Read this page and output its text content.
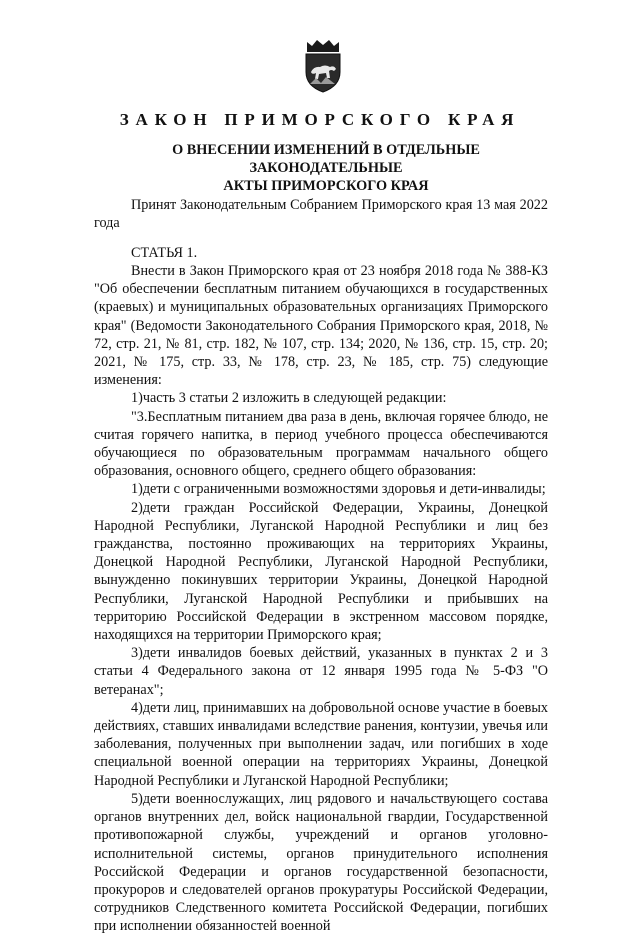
ЗАКОН ПРИМОРСКОГО КРАЯ
О ВНЕСЕНИИ ИЗМЕНЕНИЙ В ОТДЕЛЬНЫЕ ЗАКОНОДАТЕЛЬНЫЕ
АКТЫ ПРИМОРСКОГО КРАЯ
Принят Законодательным Собранием Приморского края 13 мая 2022 года
СТАТЬЯ 1.

Внести в Закон Приморского края от 23 ноября 2018 года № 388-КЗ "Об обеспечении бесплатным питанием обучающихся в государственных (краевых) и муниципальных образовательных организациях Приморского края" (Ведомости Законодательного Собрания Приморского края, 2018, № 72, стр. 21, № 81, стр. 182, № 107, стр. 134; 2020, № 136, стр. 15, стр. 20; 2021, № 175, стр. 33, № 178, стр. 23, № 185, стр. 75) следующие изменения:

1)часть 3 статьи 2 изложить в следующей редакции:

"3.Бесплатным питанием два раза в день, включая горячее блюдо, не считая горячего напитка, в период учебного процесса обеспечиваются обучающиеся по образовательным программам начального общего образования, основного общего, среднего общего образования:

1)дети с ограниченными возможностями здоровья и дети-инвалиды;

2)дети граждан Российской Федерации, Украины, Донецкой Народной Республики, Луганской Народной Республики и лиц без гражданства, постоянно проживающих на территориях Украины, Донецкой Народной Республики, Луганской Народной Республики, вынужденно покинувших территории Украины, Донецкой Народной Республики, Луганской Народной Республики и прибывших на территорию Российской Федерации в экстренном массовом порядке, находящихся на территории Приморского края;

3)дети инвалидов боевых действий, указанных в пунктах 2 и 3 статьи 4 Федерального закона от 12 января 1995 года № 5-ФЗ "О ветеранах";

4)дети лиц, принимавших на добровольной основе участие в боевых действиях, ставших инвалидами вследствие ранения, контузии, увечья или заболевания, полученных при выполнении задач, или погибших в ходе специальной военной операции на территориях Украины, Донецкой Народной Республики и Луганской Народной Республики;

5)дети военнослужащих, лиц рядового и начальствующего состава органов внутренних дел, войск национальной гвардии, Государственной противопожарной службы, учреждений и органов уголовно-исполнительной системы, органов принудительного исполнения Российской Федерации и органов государственной безопасности, прокуроров и следователей органов прокуратуры Российской Федерации, сотрудников Следственного комитета Российской Федерации, погибших при исполнении обязанностей военной
